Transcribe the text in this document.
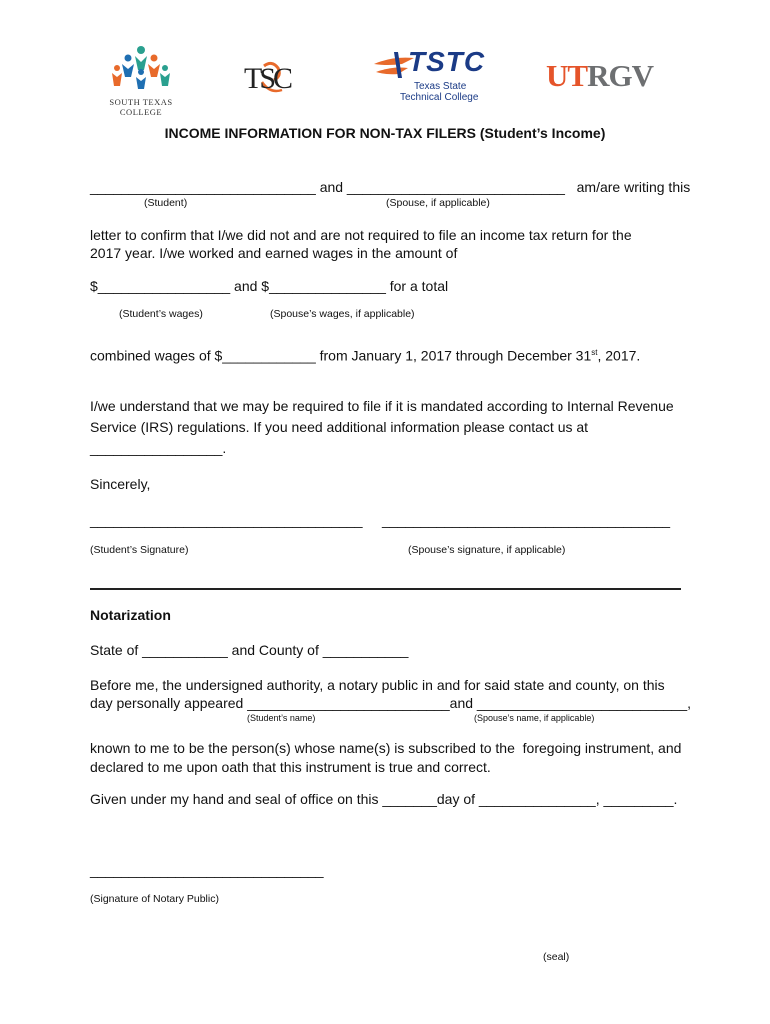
SOUTH TEXAS
COLLEGE
TSC
TSTC
Texas State
Technical College
UTRGV
INCOME INFORMATION FOR NON-TAX FILERS (Student’s Income)
_____________________________ and ____________________________   am/are writing this
(Student)	(Spouse, if applicable)
letter to confirm that I/we did not and are not required to file an income tax return for the
2017 year. I/we worked and earned wages in the amount of
$_________________ and $_______________ for a total
(Student’s wages)	(Spouse’s wages, if applicable)
combined wages of $____________ from January 1, 2017 through December 31st, 2017.
I/we understand that we may be required to file if it is mandated according to Internal Revenue
Service (IRS) regulations. If you need additional information please contact us at
_________________.
Sincerely,
___________________________________ _____________________________________
(Student’s Signature)	(Spouse’s signature, if applicable)
Notarization
State of ___________ and County of ___________
Before me, the undersigned authority, a notary public in and for said state and county, on this
day personally appeared __________________________and ___________________________,
(Student’s name)	(Spouse’s name, if applicable)
known to me to be the person(s) whose name(s) is subscribed to the  foregoing instrument, and
declared to me upon oath that this instrument is true and correct.
Given under my hand and seal of office on this _______day of _______________, _________.
______________________________
(Signature of Notary Public)
(seal)
